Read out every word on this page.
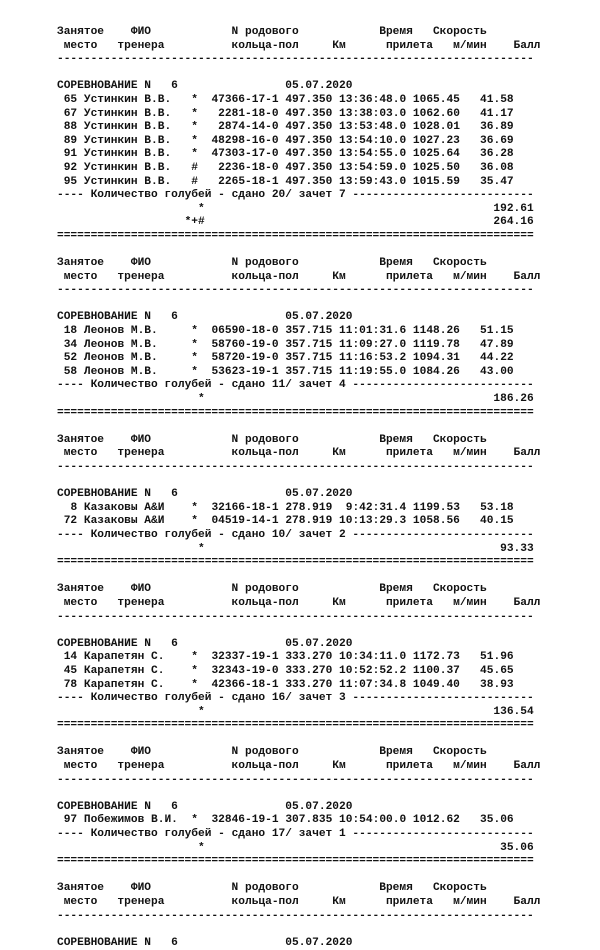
Занятое    ФИО            N родового            Время   Скорость
место   тренера          кольца-пол     Км      прилета   м/мин    Балл
-----------------------------------------------------------------------
СОРЕВНОВАНИЕ N   6	05.07.2020
65 Устинкин В.В.   * 47366-17-1 497.350 13:36:48.0 1065.45 41.58
67 Устинкин В.В.   * 2281-18-0 497.350 13:38:03.0 1062.60 41.17
88 Устинкин В.В.   * 2874-14-0 497.350 13:53:48.0 1028.01 36.89
89 Устинкин В.В.   * 48298-16-0 497.350 13:54:10.0 1027.23 36.69
91 Устинкин В.В.   * 47303-17-0 497.350 13:54:55.0 1025.64 36.28
92 Устинкин В.В.   # 2236-18-0 497.350 13:54:59.0 1025.50 36.08
95 Устинкин В.В.   # 2265-18-1 497.350 13:59:43.0 1015.59 35.47
---- Количество голубей - сдано 20/ зачет 7 ---------------------------
*	192.61
*+#	264.16
=======================================================================
Занятое    ФИО            N родового            Время   Скорость
место   тренера          кольца-пол     Км      прилета   м/мин    Балл
-----------------------------------------------------------------------
СОРЕВНОВАНИЕ N   6	05.07.2020
18 Леонов М.В.     * 06590-18-0 357.715 11:01:31.6 1148.26 51.15
34 Леонов М.В.     * 58760-19-0 357.715 11:09:27.0 1119.78 47.89
52 Леонов М.В.     * 58720-19-0 357.715 11:16:53.2 1094.31 44.22
58 Леонов М.В.     * 53623-19-1 357.715 11:19:55.0 1084.26 43.00
---- Количество голубей - сдано 11/ зачет 4 ---------------------------
*	186.26
=======================================================================
Занятое    ФИО            N родового            Время   Скорость
место   тренера          кольца-пол     Км      прилета   м/мин    Балл
-----------------------------------------------------------------------
СОРЕВНОВАНИЕ N   6	05.07.2020
8 Казаковы А&И    * 32166-18-1 278.919 9:42:31.4 1199.53 53.18
72 Казаковы А&И    * 04519-14-1 278.919 10:13:29.3 1058.56 40.15
---- Количество голубей - сдано 10/ зачет 2 ---------------------------
*	93.33
=======================================================================
Занятое    ФИО            N родового            Время   Скорость
место   тренера          кольца-пол     Км      прилета   м/мин    Балл
-----------------------------------------------------------------------
СОРЕВНОВАНИЕ N   6	05.07.2020
14 Карапетян С.    * 32337-19-1 333.270 10:34:11.0 1172.73 51.96
45 Карапетян С.    * 32343-19-0 333.270 10:52:52.2 1100.37 45.65
78 Карапетян С.    * 42366-18-1 333.270 11:07:34.8 1049.40 38.93
---- Количество голубей - сдано 16/ зачет 3 ---------------------------
*	136.54
=======================================================================
Занятое    ФИО            N родового            Время   Скорость
место   тренера          кольца-пол     Км      прилета   м/мин    Балл
-----------------------------------------------------------------------
СОРЕВНОВАНИЕ N   6	05.07.2020
97 Побежимов В.И.  * 32846-19-1 307.835 10:54:00.0 1012.62 35.06
---- Количество голубей - сдано 17/ зачет 1 ---------------------------
*	35.06
=======================================================================
Занятое    ФИО            N родового            Время   Скорость
место   тренера          кольца-пол     Км      прилета   м/мин    Балл
-----------------------------------------------------------------------
СОРЕВНОВАНИЕ N   6	05.07.2020
